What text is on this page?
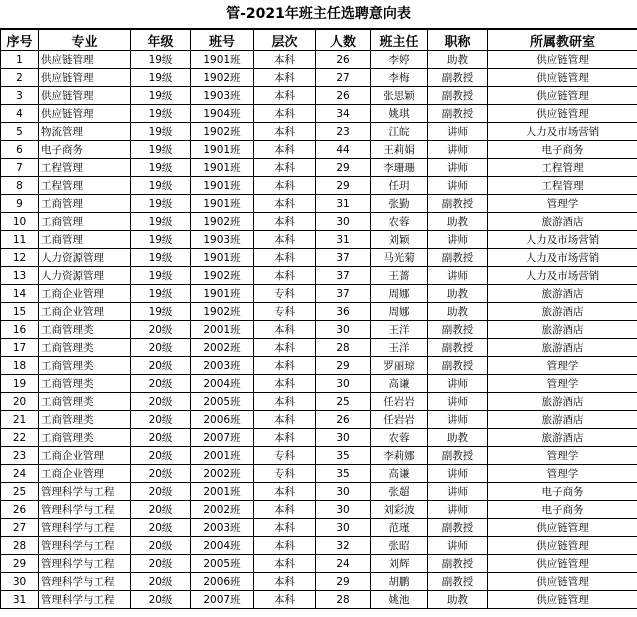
管-2021年班主任选聘意向表
序号	专业	年级	班号	层次	人数	班主任	职称	所属教研室
1	供应链管理	19级	1901班	本科	26	李婷	助教	供应链管理
2	供应链管理	19级	1902班	本科	27	李梅	副教授	供应链管理
3	供应链管理	19级	1903班	本科	26	张思颖	副教授	供应链管理
4	供应链管理	19级	1904班	本科	34	姚琪	副教授	供应链管理
5	物流管理	19级	1902班	本科	23	江皖	讲师	人力及市场营销
6	电子商务	19级	1901班	本科	44	王莉娟	讲师	电子商务
7	工程管理	19级	1901班	本科	29	李珊珊	讲师	工程管理
8	工程管理	19级	1901班	本科	29	任玥	讲师	工程管理
9	工商管理	19级	1901班	本科	31	张勤	副教授	管理学
10	工商管理	19级	1902班	本科	30	农蓉	助教	旅游酒店
11	工商管理	19级	1903班	本科	31	刘颖	讲师	人力及市场营销
12	人力资源管理	19级	1901班	本科	37	马光菊	副教授	人力及市场营销
13	人力资源管理	19级	1902班	本科	37	王薔	讲师	人力及市场营销
14	工商企业管理	19级	1901班	专科	37	周娜	助教	旅游酒店
15	工商企业管理	19级	1902班	专科	36	周娜	助教	旅游酒店
16	工商管理类	20级	2001班	本科	30	王洋	副教授	旅游酒店
17	工商管理类	20级	2002班	本科	28	王洋	副教授	旅游酒店
18	工商管理类	20级	2003班	本科	29	罗丽琼	副教授	管理学
19	工商管理类	20级	2004班	本科	30	高谦	讲师	管理学
20	工商管理类	20级	2005班	本科	25	任岩岩	讲师	旅游酒店
21	工商管理类	20级	2006班	本科	26	任岩岩	讲师	旅游酒店
22	工商管理类	20级	2007班	本科	30	农蓉	助教	旅游酒店
23	工商企业管理	20级	2001班	专科	35	李莉娜	副教授	管理学
24	工商企业管理	20级	2002班	专科	35	高谦	讲师	管理学
25	管理科学与工程	20级	2001班	本科	30	张超	讲师	电子商务
26	管理科学与工程	20级	2002班	本科	30	刘彩波	讲师	电子商务
27	管理科学与工程	20级	2003班	本科	30	范瑾	副教授	供应链管理
28	管理科学与工程	20级	2004班	本科	32	张昭	讲师	供应链管理
29	管理科学与工程	20级	2005班	本科	24	刘辉	副教授	供应链管理
30	管理科学与工程	20级	2006班	本科	29	胡鹏	副教授	供应链管理
31	管理科学与工程	20级	2007班	本科	28	姚池	助教	供应链管理
